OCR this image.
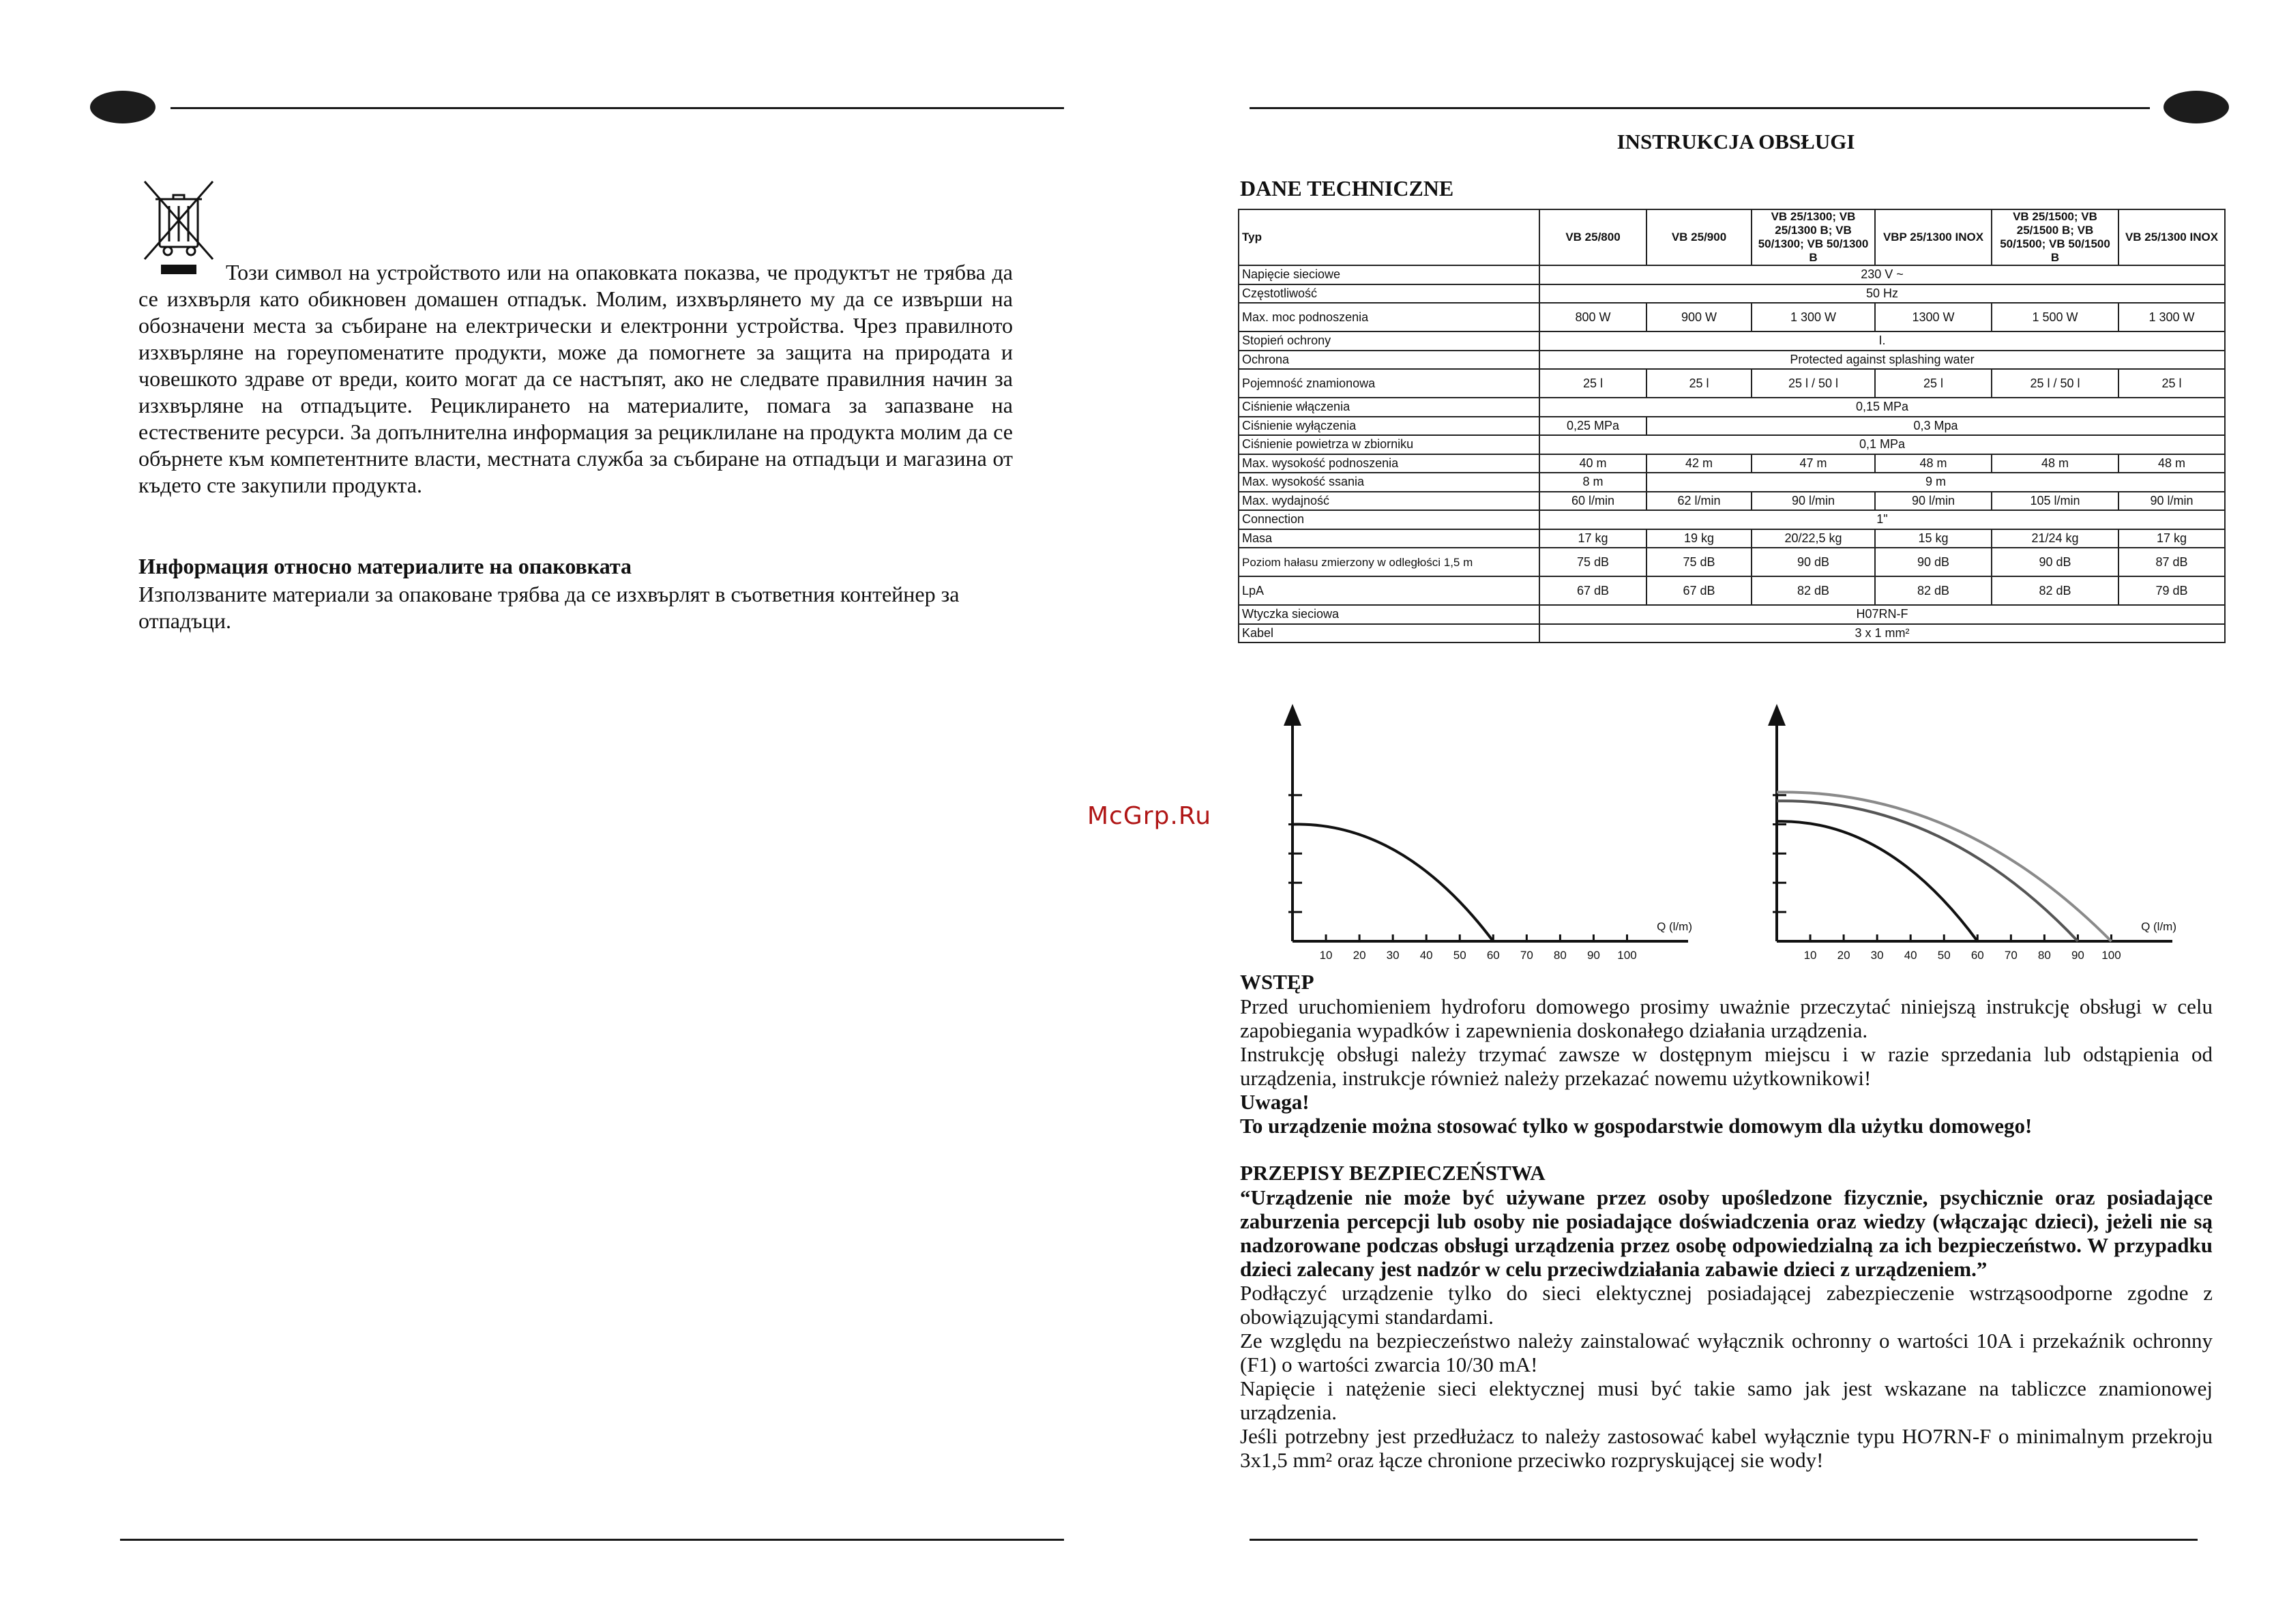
Този символ на устройството или на опаковката показва, че продуктът не трябва да се изхвърля като обикновен домашен отпадък. Молим, изхвърлянето му да се извърши на обозначени места за събиране на електрически и електронни устройства. Чрез правилното изхвърляне на гореупоменатите продукти, може да помогнете за защита на природата и човешкото здраве от вреди, които могат да се настъпят, ако не следвате правилния начин за изхвърляне на отпадъците. Рециклирането на материалите, помага за запазване на естествените ресурси. За допълнителна информация за рециклилане на продукта молим да се обърнете към компетентните власти, местната служба за събиране на отпадъци и магазина от където сте закупили продукта.
Информация относно материалите на опаковката
Използваните материали за опаковане трябва да се изхвърлят в съответния контейнер за отпадъци.
McGrp.Ru
INSTRUKCJA OBSŁUGI
DANE TECHNICZNE
Typ	VB 25/800	VB 25/900	VB 25/1300; VB 25/1300 B; VB 50/1300; VB 50/1300 B	VBP 25/1300 INOX	VB 25/1500; VB 25/1500 B; VB 50/1500; VB 50/1500 B	VB 25/1300 INOX
Napięcie sieciowe	230 V ~					
Częstotliwość	50 Hz					
Max. moc podnoszenia	800 W	900 W	1 300 W	1300 W	1 500 W	1 300 W
Stopień ochrony	I.					
Ochrona	Protected against splashing water					
Pojemność znamionowa	25 l	25 l	25 l / 50 l	25 l	25 l / 50 l	25 l
Ciśnienie włączenia	0,15 MPa					
Ciśnienie wyłączenia	0,25 MPa	0,3 Mpa				
Ciśnienie powietrza w zbiorniku	0,1 MPa					
Max. wysokość podnoszenia	40 m	42 m	47 m	48 m	48 m	48 m
Max. wysokość ssania	8 m	9 m				
Max. wydajność	60 l/min	62 l/min	90 l/min	90 l/min	105 l/min	90 l/min
Connection	1"					
Masa	17 kg	19 kg	20/22,5 kg	15 kg	21/24 kg	17 kg
Poziom hałasu zmierzony w odległości 1,5 m	75 dB	75 dB	90 dB	90 dB	90 dB	87 dB
LpA	67 dB	67 dB	82 dB	82 dB	82 dB	79 dB
Wtyczka sieciowa	H07RN-F					
Kabel	3 x 1 mm²					
10 20 30 40 50 60 70 80 90 100
Q (l/m)
10 20 30 40 50 60 70 80 90 100
Q (l/m)
WSTĘP
Przed uruchomieniem hydroforu domowego prosimy uważnie przeczytać niniejszą instrukcję obsługi w celu zapobiegania wypadków i zapewnienia doskonałego działania urządzenia.
Instrukcję obsługi należy trzymać zawsze w dostępnym miejscu i w razie sprzedania lub odstąpienia od urządzenia, instrukcje również należy przekazać nowemu użytkownikowi!
Uwaga!
To urządzenie można stosować tylko w gospodarstwie domowym dla użytku domowego!
PRZEPISY BEZPIECZEŃSTWA
“Urządzenie nie może być używane przez osoby upośledzone fizycznie, psychicznie oraz posiadające zaburzenia percepcji lub osoby nie posiadające doświadczenia oraz wiedzy (włączając dzieci), jeżeli nie są nadzorowane podczas obsługi urządzenia przez osobę odpowiedzialną za ich bezpieczeństwo. W przypadku dzieci zalecany jest nadzór w celu przeciwdziałania zabawie dzieci z urządzeniem.”
Podłączyć urządzenie tylko do sieci elektycznej posiadającej zabezpieczenie wstrząsoodporne zgodne z obowiązującymi standardami.
Ze względu na bezpieczeństwo należy zainstalować wyłącznik ochronny o wartości 10A i przekaźnik ochronny (F1) o wartości zwarcia 10/30 mA!
Napięcie i natężenie sieci elektycznej musi być takie samo jak jest wskazane na tabliczce znamionowej urządzenia.
Jeśli potrzebny jest przedłużacz to należy zastosować kabel wyłącznie typu HO7RN-F o minimalnym przekroju 3x1,5 mm² oraz łącze chronione przeciwko rozpryskującej sie wody!
